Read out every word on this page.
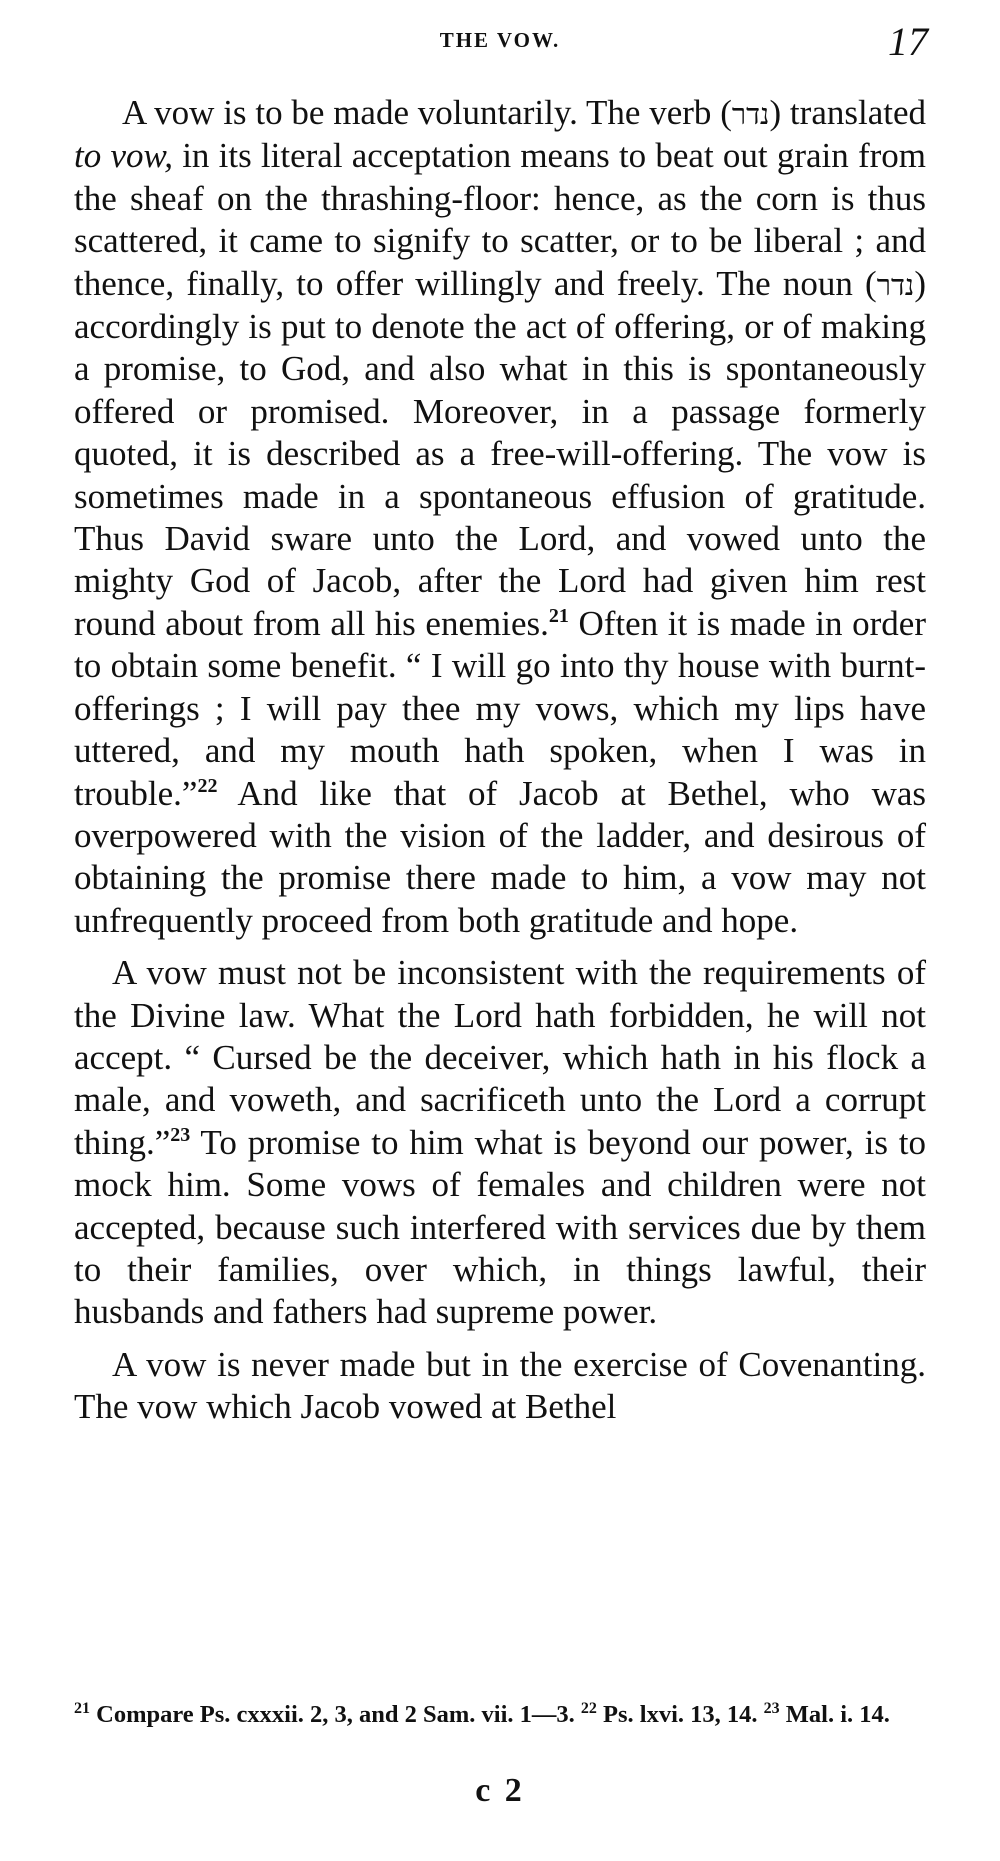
THE VOW.	17

A vow is to be made voluntarily. The verb (נדר) translated to vow, in its literal acceptation means to beat out grain from the sheaf on the thrashing-floor: hence, as the corn is thus scattered, it came to signify to scatter, or to be liberal ; and thence, finally, to offer willingly and freely. The noun (נדר) accordingly is put to denote the act of offering, or of making a promise, to God, and also what in this is spontaneously offered or promised. Moreover, in a passage formerly quoted, it is described as a free-will-offering. The vow is sometimes made in a spontaneous effusion of gratitude. Thus David sware unto the Lord, and vowed unto the mighty God of Jacob, after the Lord had given him rest round about from all his enemies.$^{21}$ Often it is made in order to obtain some benefit. “ I will go into thy house with burnt-offerings ; I will pay thee my vows, which my lips have uttered, and my mouth hath spoken, when I was in trouble.”$^{22}$ And like that of Jacob at Bethel, who was overpowered with the vision of the ladder, and desirous of obtaining the promise there made to him, a vow may not unfrequently proceed from both gratitude and hope.

A vow must not be inconsistent with the requirements of the Divine law. What the Lord hath forbidden, he will not accept. “ Cursed be the deceiver, which hath in his flock a male, and voweth, and sacrificeth unto the Lord a corrupt thing.”$^{23}$ To promise to him what is beyond our power, is to mock him. Some vows of females and children were not accepted, because such interfered with services due by them to their families, over which, in things lawful, their husbands and fathers had supreme power.

A vow is never made but in the exercise of Covenanting. The vow which Jacob vowed at Bethel

$^{21}$ Compare Ps. cxxxii. 2, 3, and 2 Sam. vii. 1—3. $^{22}$ Ps. lxvi. 13, 14. $^{23}$ Mal. i. 14.
c 2
